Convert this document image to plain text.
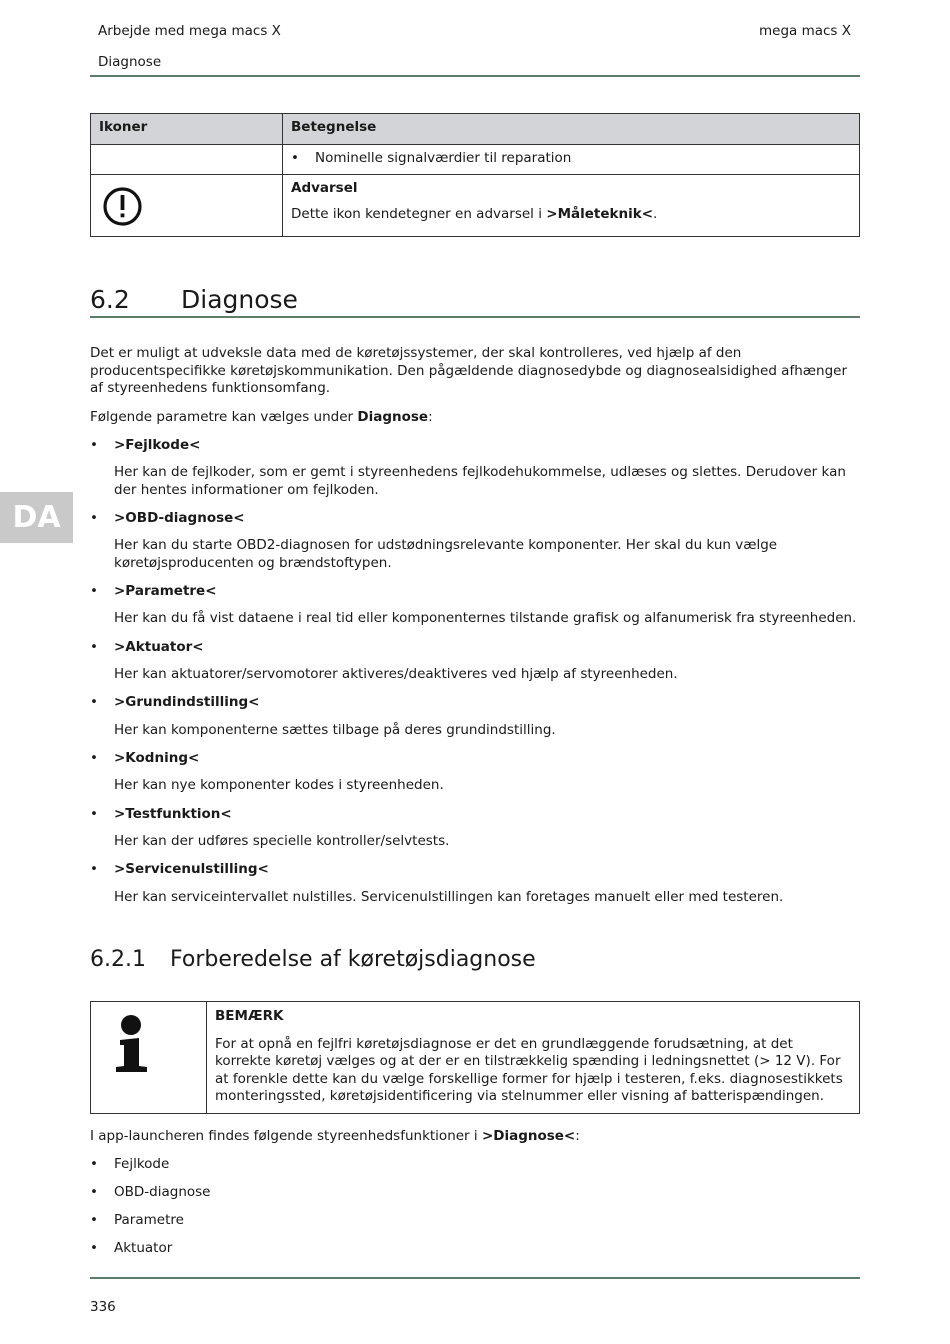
Arbejde med mega macs X
Diagnose
mega macs X
DA
Ikoner	Betegnelse
	• Nominelle signalværdier til reparation

Advarsel
Dette ikon kendetegner en advarsel i >Måleteknik<.
6.2 Diagnose
Det er muligt at udveksle data med de køretøjssystemer, der skal kontrolleres, ved hjælp af den producentspecifikke køretøjskommunikation. Den pågældende diagnosedybde og diagnosealsidighed afhænger af styreenhedens funktionsomfang.
Følgende parametre kan vælges under Diagnose:
• >Fejlkode<
Her kan de fejlkoder, som er gemt i styreenhedens fejlkodehukommelse, udlæses og slettes. Derudover kan der hentes informationer om fejlkoden.
• >OBD-diagnose<
Her kan du starte OBD2-diagnosen for udstødningsrelevante komponenter. Her skal du kun vælge køretøjsproducenten og brændstoftypen.
• >Parametre<
Her kan du få vist dataene i real tid eller komponenternes tilstande grafisk og alfanumerisk fra styreenheden.
• >Aktuator<
Her kan aktuatorer/servomotorer aktiveres/deaktiveres ved hjælp af styreenheden.
• >Grundindstilling<
Her kan komponenterne sættes tilbage på deres grundindstilling.
• >Kodning<
Her kan nye komponenter kodes i styreenheden.
• >Testfunktion<
Her kan der udføres specielle kontroller/selvtests.
• >Servicenulstilling<
Her kan serviceintervallet nulstilles. Servicenulstillingen kan foretages manuelt eller med testeren.
6.2.1 Forberedelse af køretøjsdiagnose

BEMÆRK
For at opnå en fejlfri køretøjsdiagnose er det en grundlæggende forudsætning, at det korrekte køretøj vælges og at der er en tilstrækkelig spænding i ledningsnettet (> 12 V). For at forenkle dette kan du vælge forskellige former for hjælp i testeren, f.eks. diagnosestikkets monteringssted, køretøjsidentificering via stelnummer eller visning af batterispændingen.
I app-launcheren findes følgende styreenhedsfunktioner i >Diagnose<:
• Fejlkode
• OBD-diagnose
• Parametre
• Aktuator
336
